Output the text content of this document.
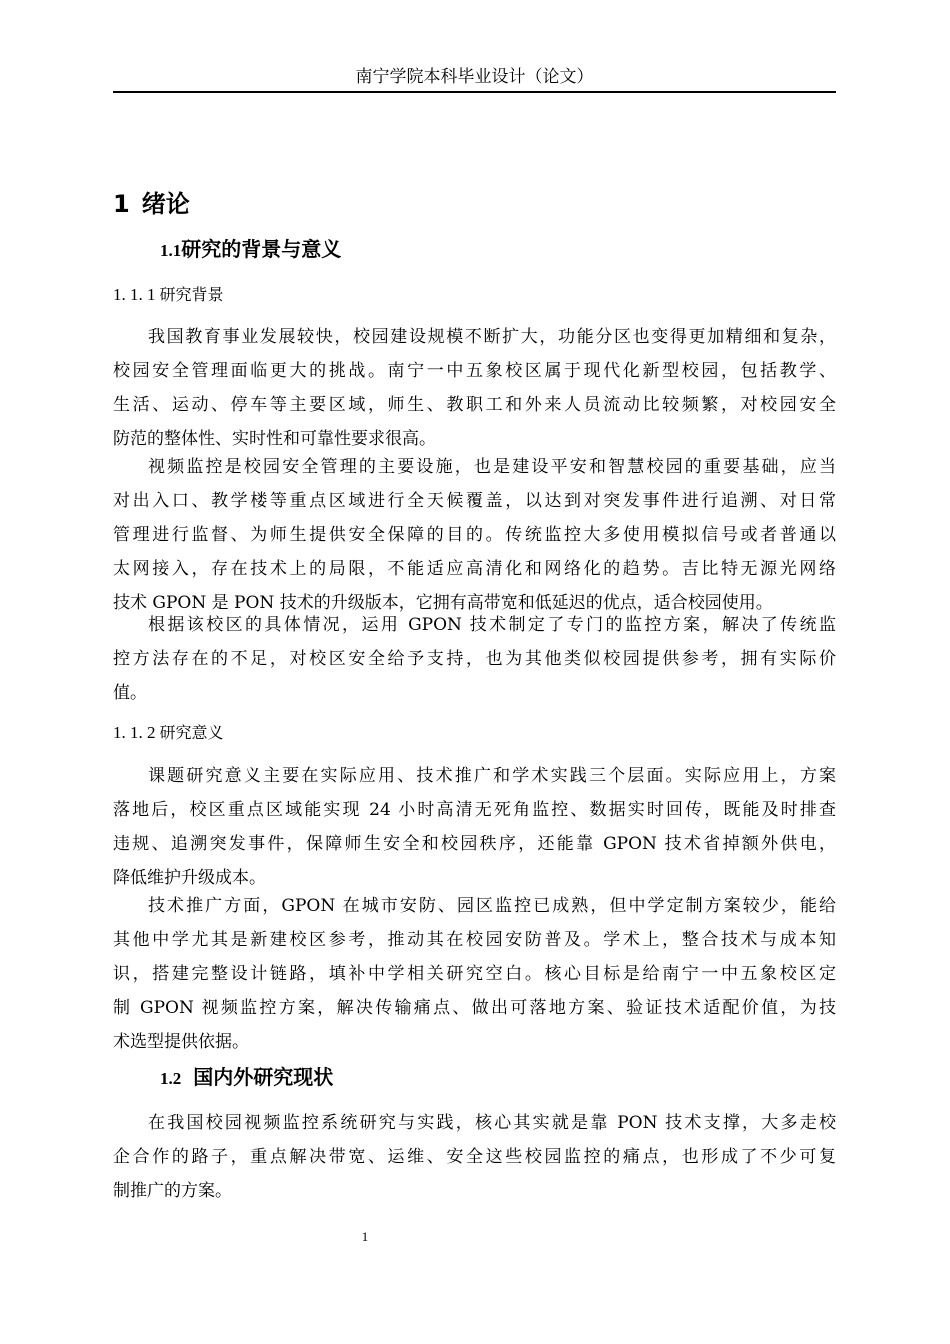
南宁学院本科毕业设计（论文）
1 绪论
1.1研究的背景与意义
1. 1. 1 研究背景
我国教育事业发展较快，校园建设规模不断扩大，功能分区也变得更加精细和复杂，
校园安全管理面临更大的挑战。南宁一中五象校区属于现代化新型校园，包括教学、
生活、运动、停车等主要区域，师生、教职工和外来人员流动比较频繁，对校园安全
防范的整体性、实时性和可靠性要求很高。
视频监控是校园安全管理的主要设施，也是建设平安和智慧校园的重要基础，应当
对出入口、教学楼等重点区域进行全天候覆盖，以达到对突发事件进行追溯、对日常
管理进行监督、为师生提供安全保障的目的。传统监控大多使用模拟信号或者普通以
太网接入，存在技术上的局限，不能适应高清化和网络化的趋势。吉比特无源光网络
技术 GPON 是 PON 技术的升级版本，它拥有高带宽和低延迟的优点，适合校园使用。
根据该校区的具体情况，运用 GPON 技术制定了专门的监控方案，解决了传统监
控方法存在的不足，对校区安全给予支持，也为其他类似校园提供参考，拥有实际价
值。
1. 1. 2 研究意义
课题研究意义主要在实际应用、技术推广和学术实践三个层面。实际应用上，方案
落地后，校区重点区域能实现 24 小时高清无死角监控、数据实时回传，既能及时排查
违规、追溯突发事件，保障师生安全和校园秩序，还能靠 GPON 技术省掉额外供电，
降低维护升级成本。
技术推广方面，GPON 在城市安防、园区监控已成熟，但中学定制方案较少，能给
其他中学尤其是新建校区参考，推动其在校园安防普及。学术上，整合技术与成本知
识，搭建完整设计链路，填补中学相关研究空白。核心目标是给南宁一中五象校区定
制 GPON 视频监控方案，解决传输痛点、做出可落地方案、验证技术适配价值，为技
术选型提供依据。
1.2 国内外研究现状
在我国校园视频监控系统研究与实践，核心其实就是靠 PON 技术支撑，大多走校
企合作的路子，重点解决带宽、运维、安全这些校园监控的痛点，也形成了不少可复
制推广的方案。
1
